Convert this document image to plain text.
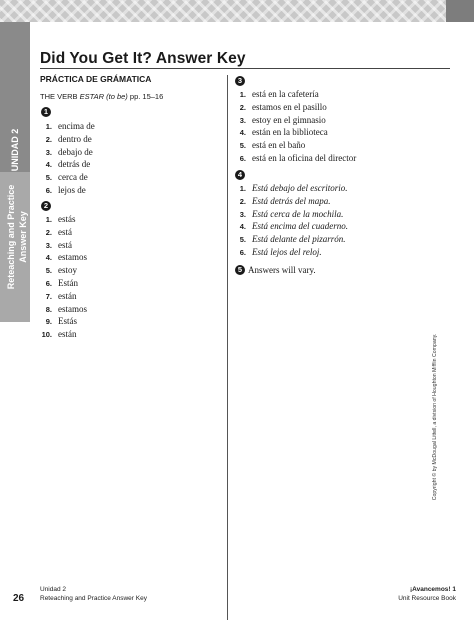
UNIDAD 2
Reteaching and Practice Answer Key
Did You Get It? Answer Key
PRÁCTICA DE GRÁMATICA
THE VERB ESTAR (to be) pp. 15–16
1
1. encima de
2. dentro de
3. debajo de
4. detrás de
5. cerca de
6. lejos de
2
1. estás
2. está
3. está
4. estamos
5. estoy
6. Están
7. están
8. estamos
9. Estás
10. están
3
1. está en la cafetería
2. estamos en el pasillo
3. estoy en el gimnasio
4. están en la biblioteca
5. está en el baño
6. está en la oficina del director
4
1. Está debajo del escritorio.
2. Está detrás del mapa.
3. Está cerca de la mochila.
4. Está encima del cuaderno.
5. Está delante del pizarrón.
6. Está lejos del reloj.
5 Answers will vary.
Copyright © by McDougal Littell, a division of Houghton Mifflin Company.
26
Unidad 2
Reteaching and Practice Answer Key
¡Avancemos! 1
Unit Resource Book
